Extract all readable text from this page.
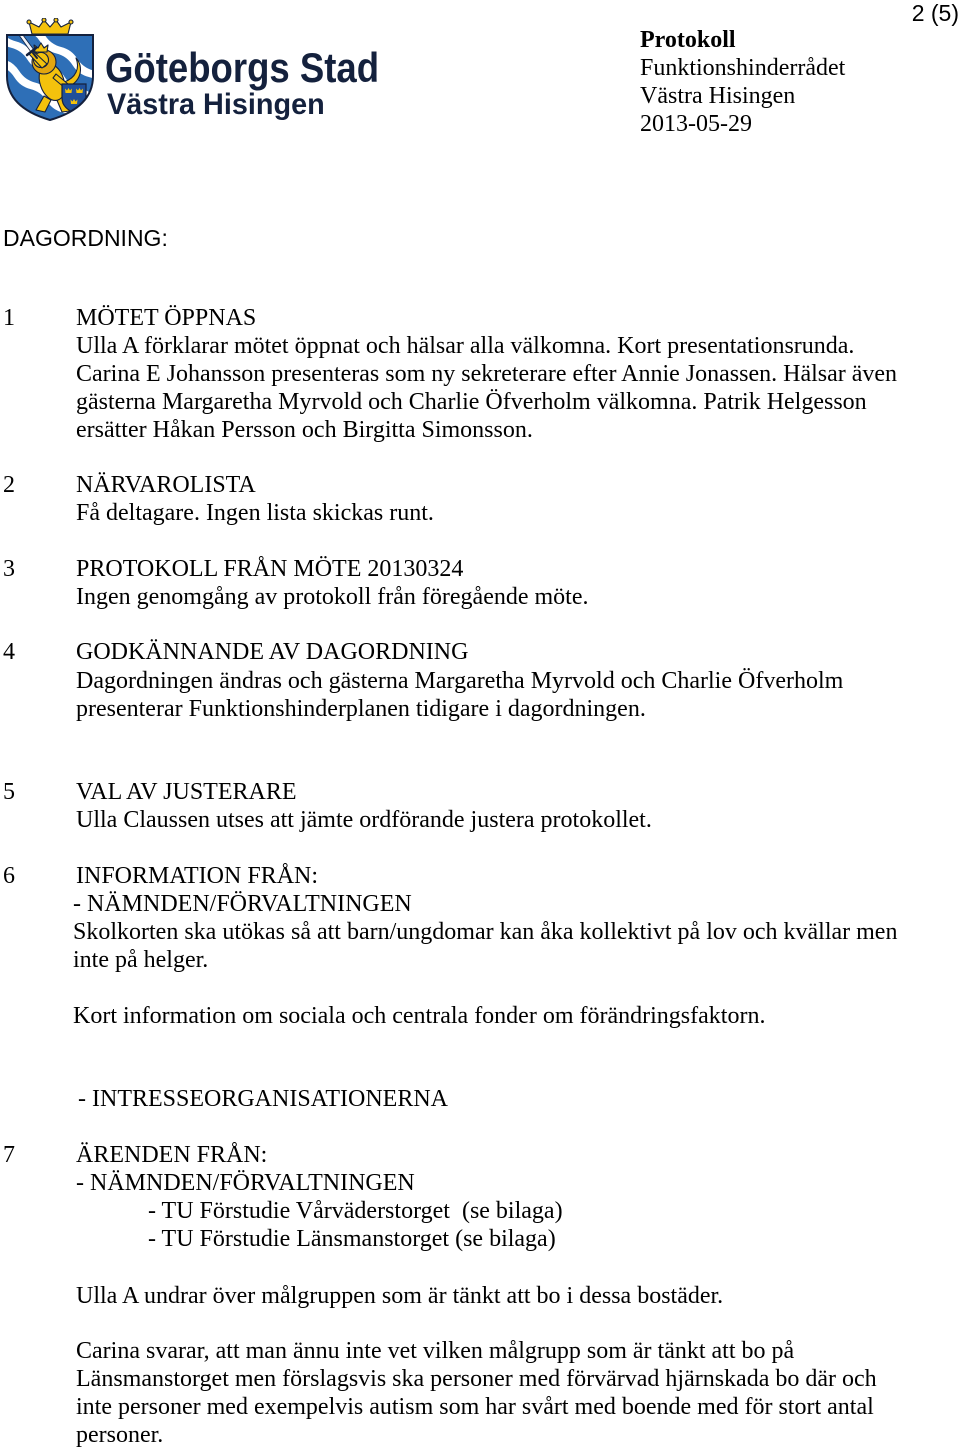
2 (5)
Göteborgs Stad
Västra Hisingen
Protokoll
Funktionshinderrådet
Västra Hisingen
2013-05-29
DAGORDNING:
1	MÖTET ÖPPNAS
Ulla A förklarar mötet öppnat och hälsar alla välkomna. Kort presentationsrunda.
Carina E Johansson presenteras som ny sekreterare efter Annie Jonassen. Hälsar även
gästerna Margaretha Myrvold och Charlie Öfverholm välkomna. Patrik Helgesson
ersätter Håkan Persson och Birgitta Simonsson.
2	NÄRVAROLISTA
Få deltagare. Ingen lista skickas runt.
3	PROTOKOLL FRÅN MÖTE 20130324
Ingen genomgång av protokoll från föregående möte.
4	GODKÄNNANDE AV DAGORDNING
Dagordningen ändras och gästerna Margaretha Myrvold och Charlie Öfverholm
presenterar Funktionshinderplanen tidigare i dagordningen.
5	VAL AV JUSTERARE
Ulla Claussen utses att jämte ordförande justera protokollet.
6	INFORMATION FRÅN:
- NÄMNDEN/FÖRVALTNINGEN
Skolkorten ska utökas så att barn/ungdomar kan åka kollektivt på lov och kvällar men
inte på helger.
Kort information om sociala och centrala fonder om förändringsfaktorn.
- INTRESSEORGANISATIONERNA
7	ÄRENDEN FRÅN:
- NÄMNDEN/FÖRVALTNINGEN
- TU Förstudie Vårväderstorget  (se bilaga)
- TU Förstudie Länsmanstorget (se bilaga)
Ulla A undrar över målgruppen som är tänkt att bo i dessa bostäder.
Carina svarar, att man ännu inte vet vilken målgrupp som är tänkt att bo på
Länsmanstorget men förslagsvis ska personer med förvärvad hjärnskada bo där och
inte personer med exempelvis autism som har svårt med boende med för stort antal
personer.
